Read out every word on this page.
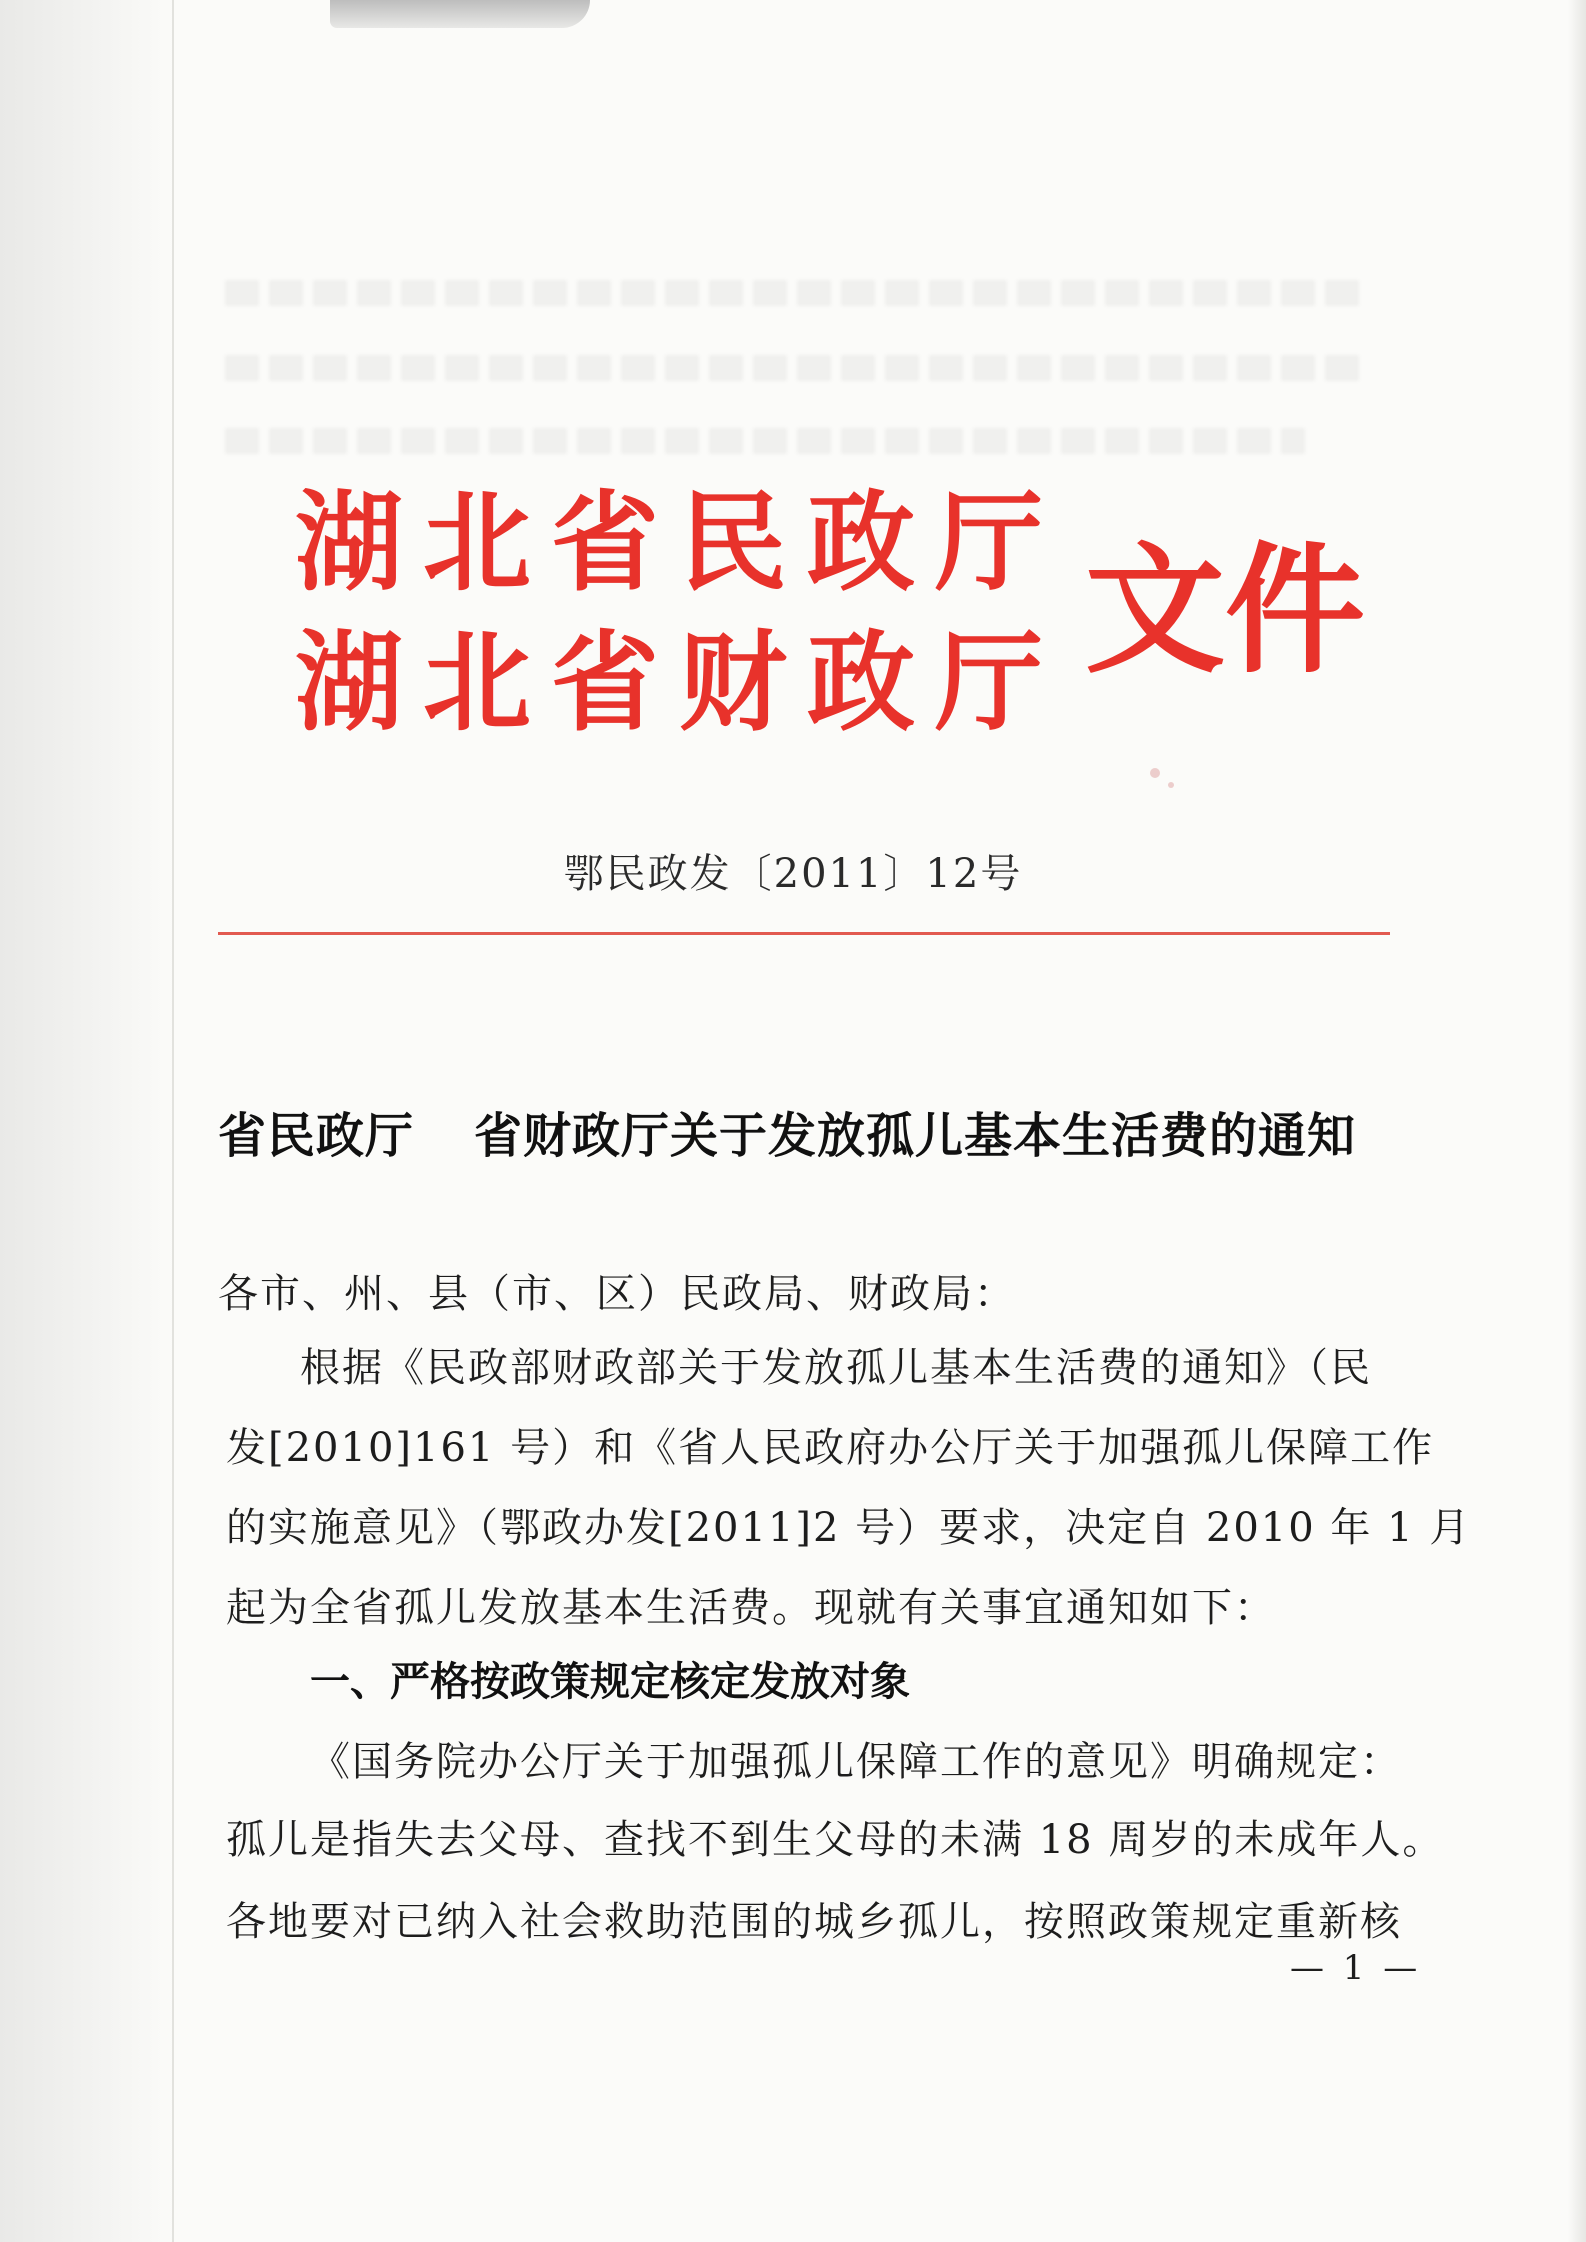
湖北省民政厅
湖北省财政厅 文件
鄂民政发〔2011〕12号
省民政厅 省财政厅关于发放孤儿基本生活费的通知
各市、州、县（市、区）民政局、财政局：
根据《民政部财政部关于发放孤儿基本生活费的通知》（民
发[2010]161 号）和《省人民政府办公厅关于加强孤儿保障工作
的实施意见》（鄂政办发[2011]2 号）要求，决定自 2010 年 1 月
起为全省孤儿发放基本生活费。现就有关事宜通知如下：
一、严格按政策规定核定发放对象
《国务院办公厅关于加强孤儿保障工作的意见》明确规定：
孤儿是指失去父母、查找不到生父母的未满 18 周岁的未成年人。
各地要对已纳入社会救助范围的城乡孤儿，按照政策规定重新核
— 1 —
